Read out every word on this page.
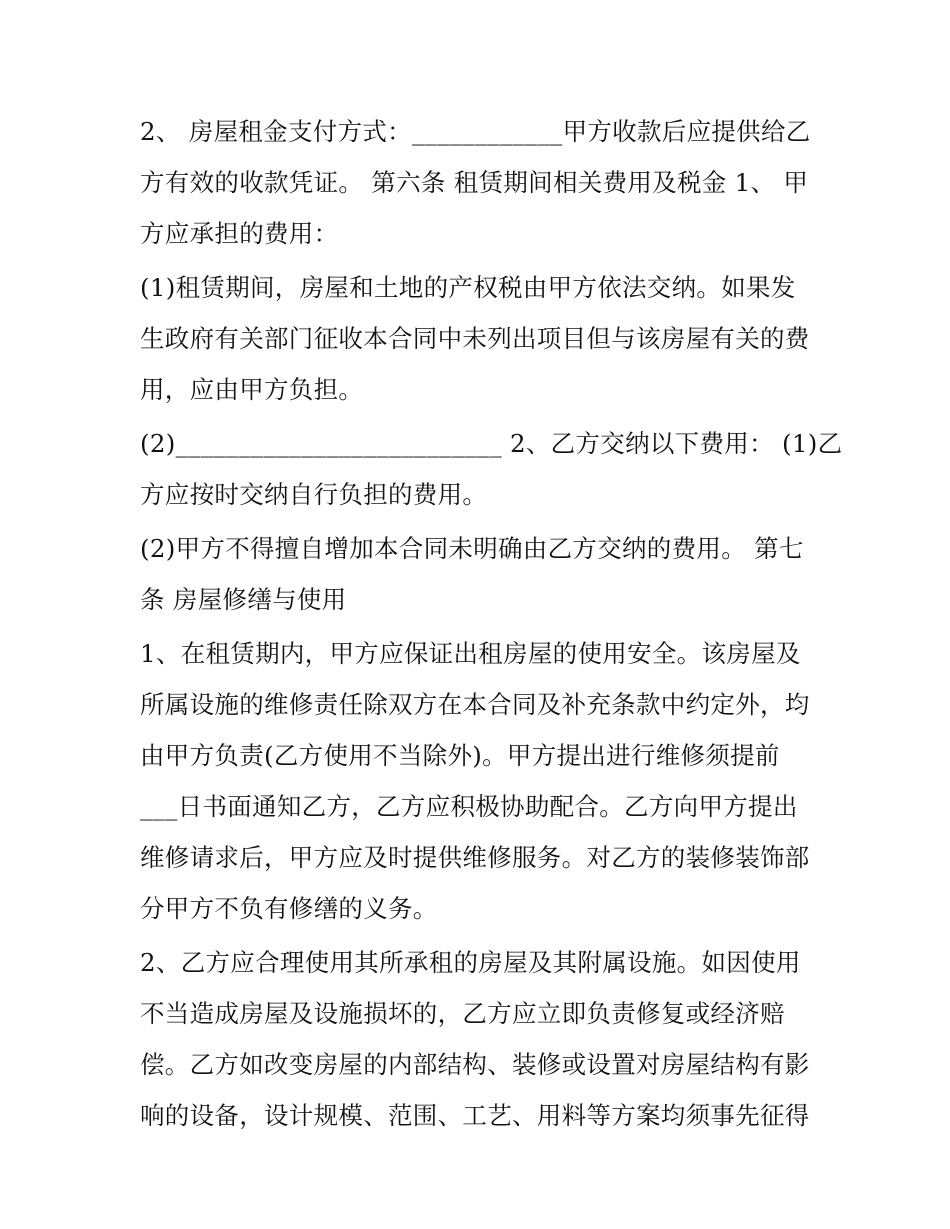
2、 房屋租金支付方式：____________甲方收款后应提供给乙
方有效的收款凭证。 第六条 租赁期间相关费用及税金 1、 甲
方应承担的费用：
(1)租赁期间，房屋和土地的产权税由甲方依法交纳。如果发
生政府有关部门征收本合同中未列出项目但与该房屋有关的费
用，应由甲方负担。
(2)__________________________ 2、乙方交纳以下费用： (1)乙
方应按时交纳自行负担的费用。
(2)甲方不得擅自增加本合同未明确由乙方交纳的费用。 第七
条 房屋修缮与使用
1、在租赁期内，甲方应保证出租房屋的使用安全。该房屋及
所属设施的维修责任除双方在本合同及补充条款中约定外，均
由甲方负责(乙方使用不当除外)。甲方提出进行维修须提前
___日书面通知乙方，乙方应积极协助配合。乙方向甲方提出
维修请求后，甲方应及时提供维修服务。对乙方的装修装饰部
分甲方不负有修缮的义务。
2、乙方应合理使用其所承租的房屋及其附属设施。如因使用
不当造成房屋及设施损坏的，乙方应立即负责修复或经济赔
偿。乙方如改变房屋的内部结构、装修或设置对房屋结构有影
响的设备，设计规模、范围、工艺、用料等方案均须事先征得
